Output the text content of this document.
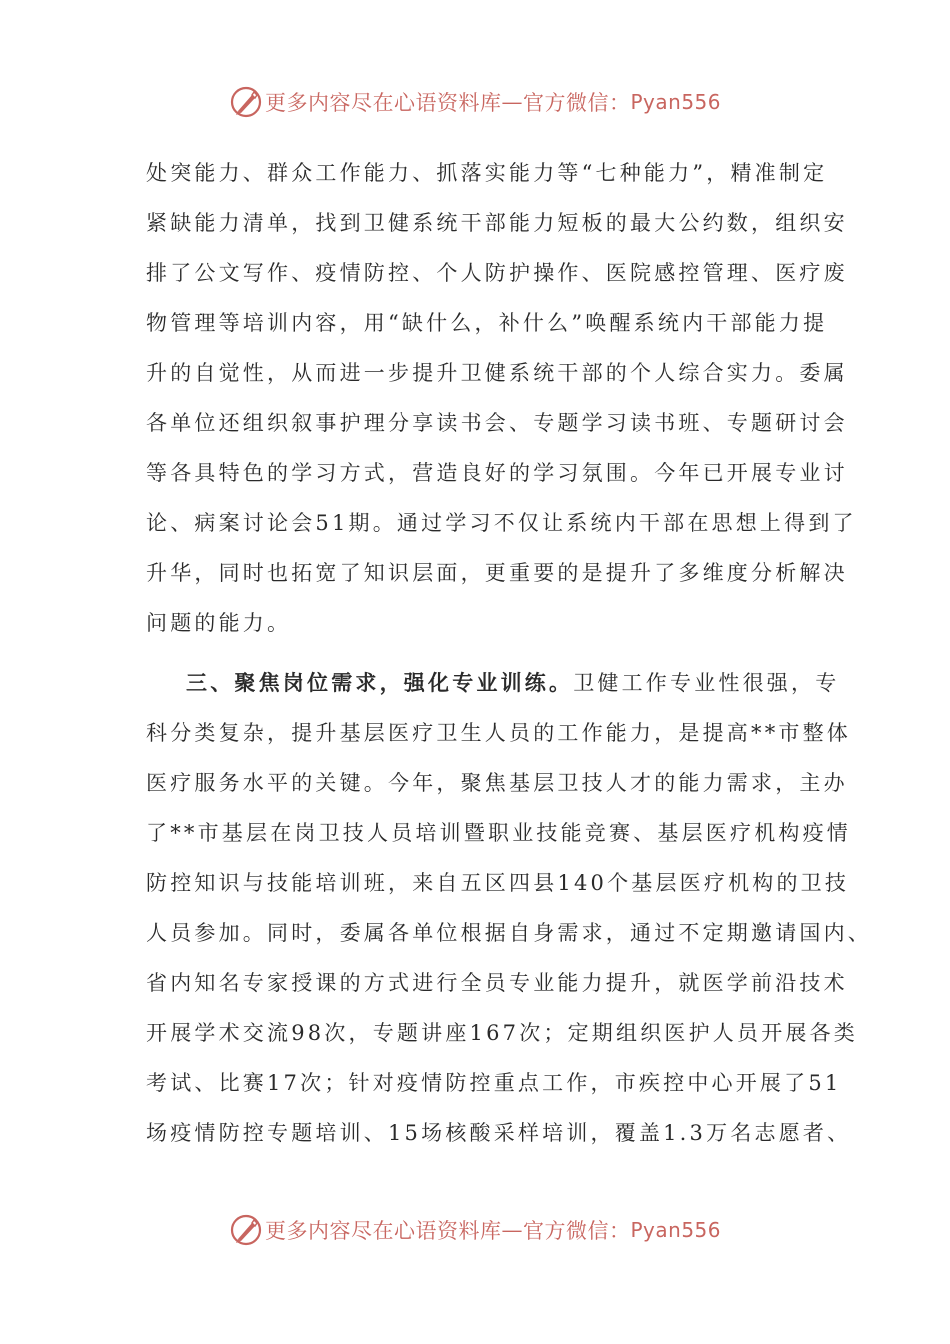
更多内容尽在心语资料库 — 官方微信： Pyan556
处突能力、群众工作能力、抓落实能力等“七种能力”，精准制定
紧缺能力清单，找到卫健系统干部能力短板的最大公约数，组织安
排了公文写作、疫情防控、个人防护操作、医院感控管理、医疗废
物管理等培训内容，用“缺什么，补什么”唤醒系统内干部能力提
升的自觉性，从而进一步提升卫健系统干部的个人综合实力。委属
各单位还组织叙事护理分享读书会、专题学习读书班、专题研讨会
等各具特色的学习方式，营造良好的学习氛围。今年已开展专业讨
论、病案讨论会51期。通过学习不仅让系统内干部在思想上得到了
升华，同时也拓宽了知识层面，更重要的是提升了多维度分析解决
问题的能力。
三、聚焦岗位需求，强化专业训练。卫健工作专业性很强，专
科分类复杂，提升基层医疗卫生人员的工作能力，是提高**市整体
医疗服务水平的关键。今年，聚焦基层卫技人才的能力需求，主办
了**市基层在岗卫技人员培训暨职业技能竞赛、基层医疗机构疫情
防控知识与技能培训班，来自五区四县140个基层医疗机构的卫技
人员参加。同时，委属各单位根据自身需求，通过不定期邀请国内、
省内知名专家授课的方式进行全员专业能力提升，就医学前沿技术
开展学术交流98次，专题讲座167次；定期组织医护人员开展各类
考试、比赛17次；针对疫情防控重点工作，市疾控中心开展了51
场疫情防控专题培训、15场核酸采样培训，覆盖1.3万名志愿者、
更多内容尽在心语资料库 — 官方微信： Pyan556
